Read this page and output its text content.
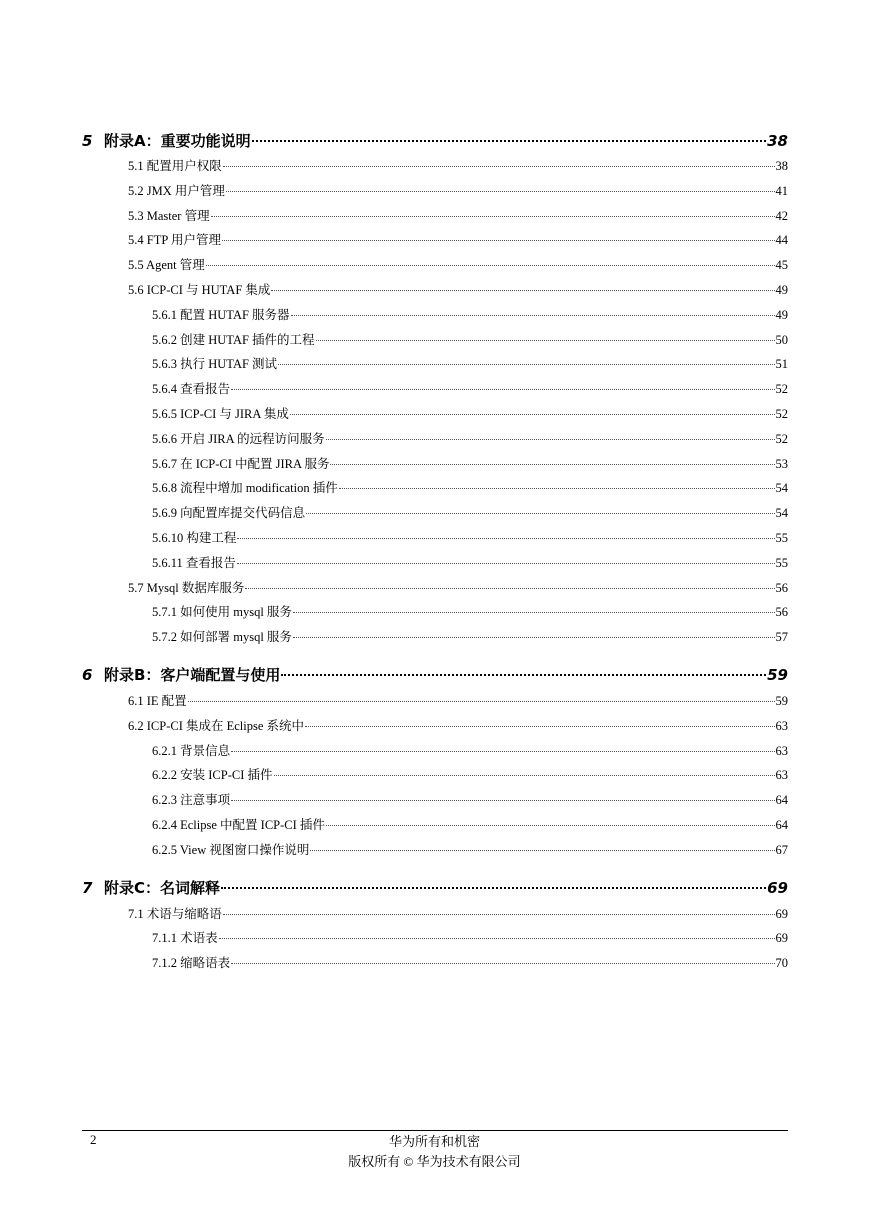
5 附录A：重要功能说明	38
5.1 配置用户权限	38
5.2 JMX 用户管理	41
5.3 Master 管理	42
5.4 FTP 用户管理	44
5.5 Agent 管理	45
5.6 ICP-CI 与 HUTAF 集成	49
5.6.1 配置 HUTAF 服务器	49
5.6.2 创建 HUTAF 插件的工程	50
5.6.3 执行 HUTAF 测试	51
5.6.4 查看报告	52
5.6.5 ICP-CI 与 JIRA 集成	52
5.6.6 开启 JIRA 的远程访问服务	52
5.6.7 在 ICP-CI 中配置 JIRA 服务	53
5.6.8 流程中增加 modification 插件	54
5.6.9 向配置库提交代码信息	54
5.6.10 构建工程	55
5.6.11 查看报告	55
5.7 Mysql 数据库服务	56
5.7.1 如何使用 mysql 服务	56
5.7.2 如何部署 mysql 服务	57
6 附录B：客户端配置与使用	59
6.1 IE 配置	59
6.2 ICP-CI 集成在 Eclipse 系统中	63
6.2.1 背景信息	63
6.2.2 安装 ICP-CI 插件	63
6.2.3 注意事项	64
6.2.4 Eclipse 中配置 ICP-CI 插件	64
6.2.5 View 视图窗口操作说明	67
7 附录C：名词解释	69
7.1 术语与缩略语	69
7.1.1 术语表	69
7.1.2 缩略语表	70
2	华为所有和机密
版权所有 © 华为技术有限公司
